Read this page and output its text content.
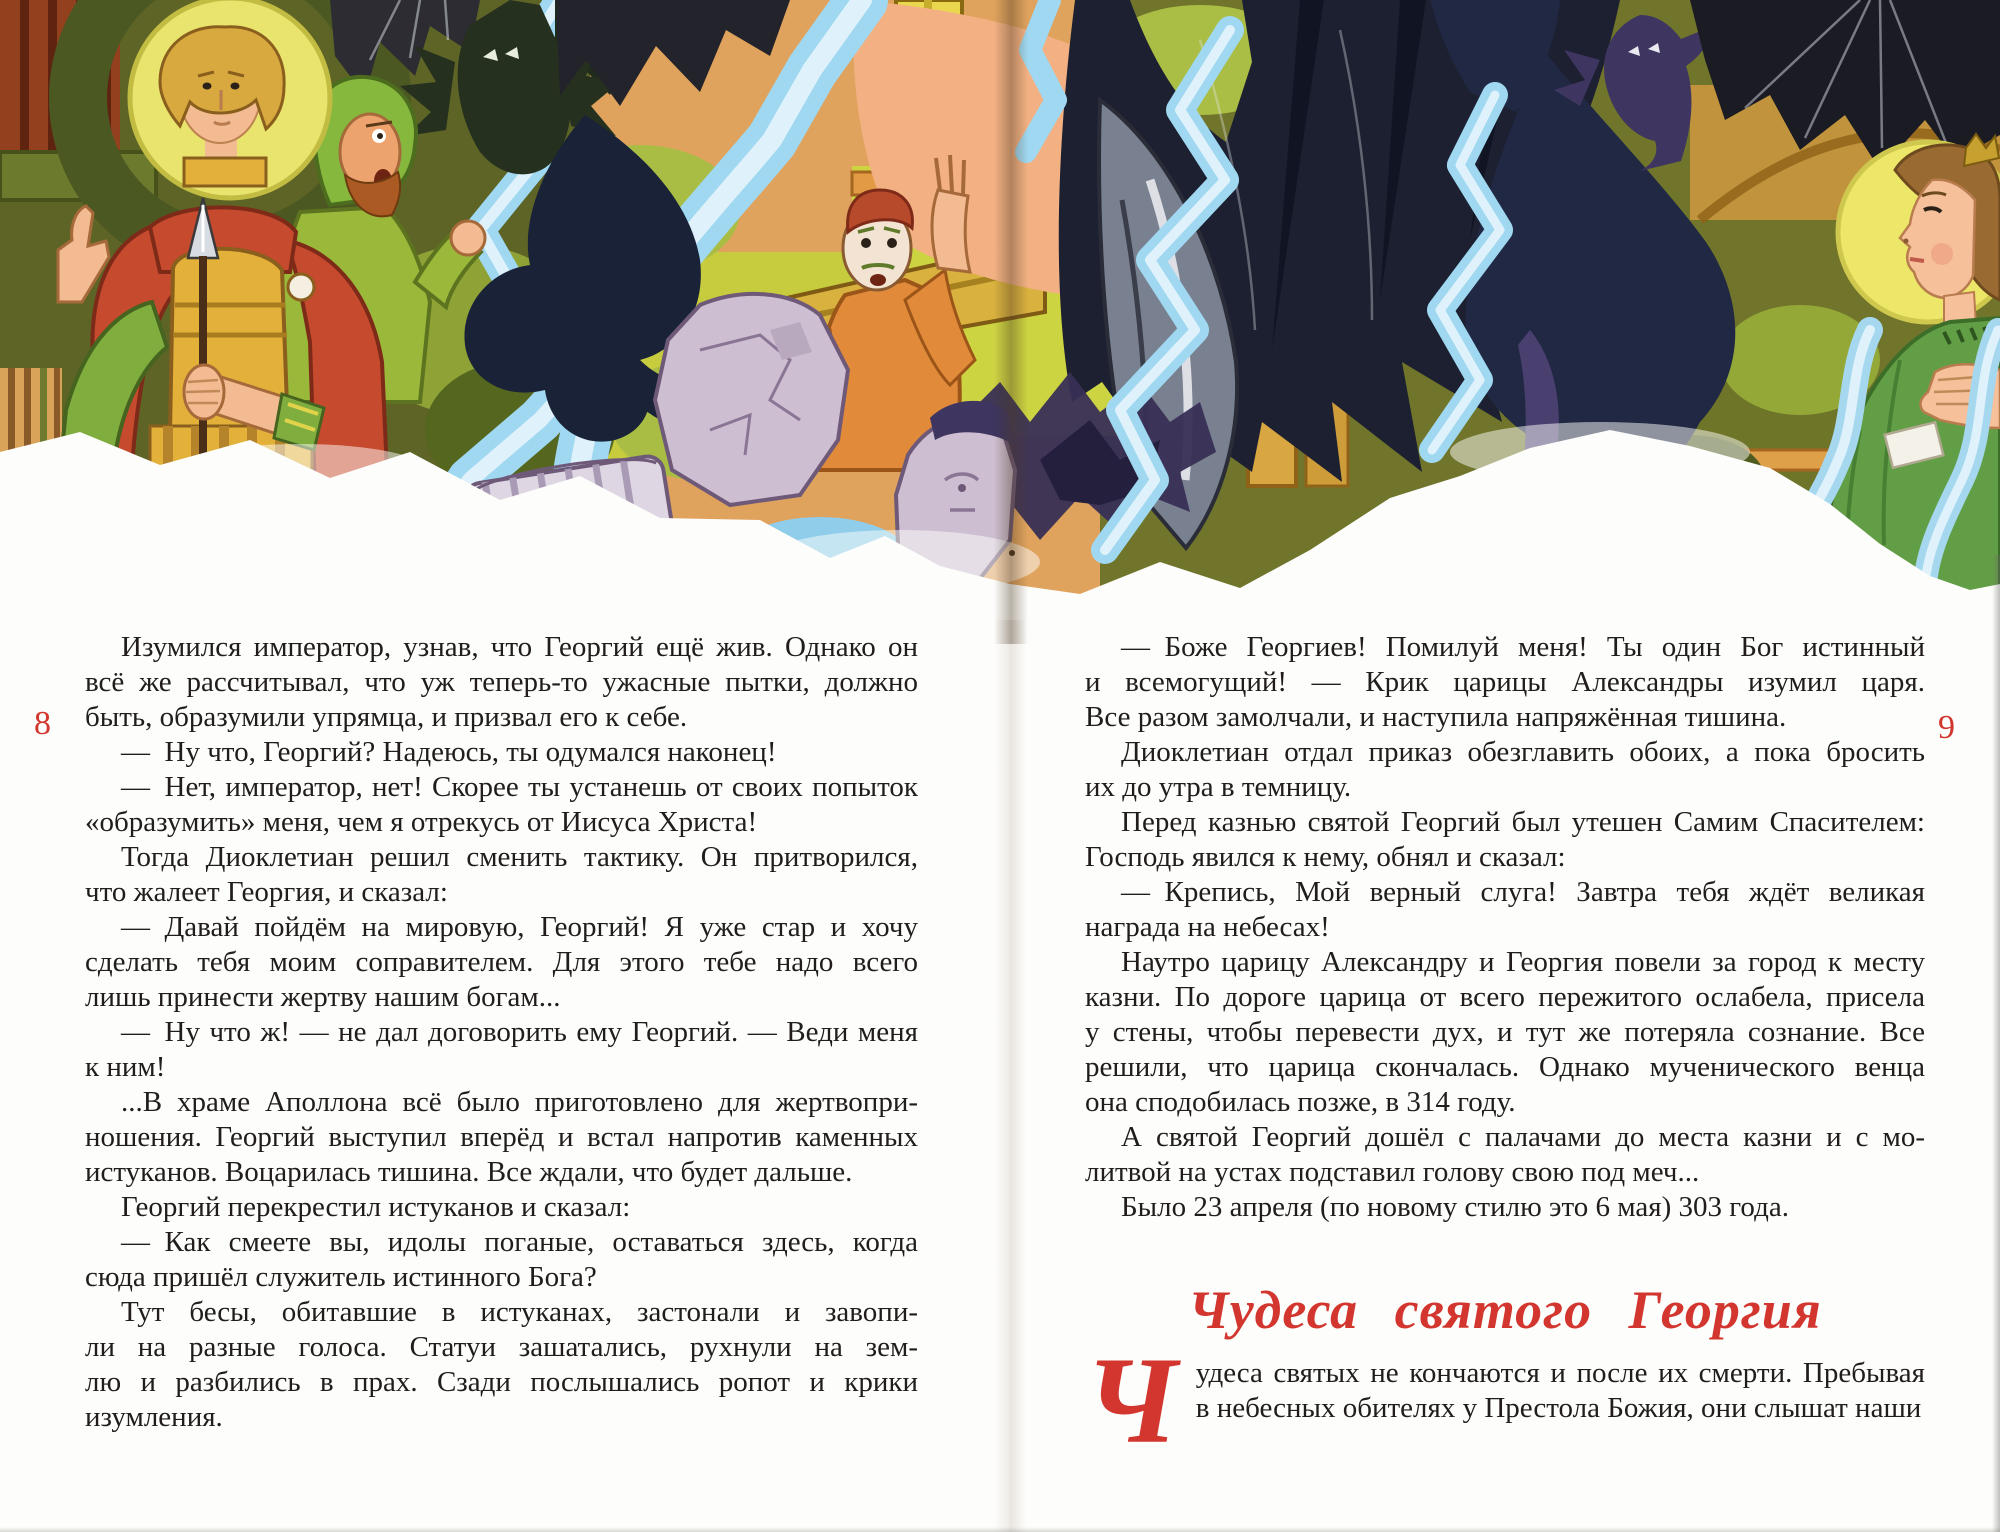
8
Изумился император, узнав, что Георгий ещё жив. Однако он
всё же рассчитывал, что уж теперь-то ужасные пытки, должно
быть, образумили упрямца, и призвал его к себе.
— Ну что, Георгий? Надеюсь, ты одумался наконец!
— Нет, император, нет! Скорее ты устанешь от своих попыток
«образумить» меня, чем я отрекусь от Иисуса Христа!
Тогда Диоклетиан решил сменить тактику. Он притворился,
что жалеет Георгия, и сказал:
— Давай пойдём на мировую, Георгий! Я уже стар и хочу
сделать тебя моим соправителем. Для этого тебе надо всего
лишь принести жертву нашим богам...
— Ну что ж! — не дал договорить ему Георгий. — Веди меня
к ним!
...В храме Аполлона всё было приготовлено для жертвопри-
ношения. Георгий выступил вперёд и встал напротив каменных
истуканов. Воцарилась тишина. Все ждали, что будет дальше.
Георгий перекрестил истуканов и сказал:
— Как смеете вы, идолы поганые, оставаться здесь, когда
сюда пришёл служитель истинного Бога?
Тут бесы, обитавшие в истуканах, застонали и завопи-
ли на разные голоса. Статуи зашатались, рухнули на зем-
лю и разбились в прах. Сзади послышались ропот и крики
изумления.
9
— Боже Георгиев! Помилуй меня! Ты один Бог истинный
и всемогущий! — Крик царицы Александры изумил царя.
Все разом замолчали, и наступила напряжённая тишина.
Диоклетиан отдал приказ обезглавить обоих, а пока бросить
их до утра в темницу.
Перед казнью святой Георгий был утешен Самим Спасителем:
Господь явился к нему, обнял и сказал:
— Крепись, Мой верный слуга! Завтра тебя ждёт великая
награда на небесах!
Наутро царицу Александру и Георгия повели за город к месту
казни. По дороге царица от всего пережитого ослабела, присела
у стены, чтобы перевести дух, и тут же потеряла сознание. Все
решили, что царица скончалась. Однако мученического венца
она сподобилась позже, в 314 году.
А святой Георгий дошёл с палачами до места казни и с мо-
литвой на устах подставил голову свою под меч...
Было 23 апреля (по новому стилю это 6 мая) 303 года.
Чудеса святого Георгия
Ч удеса святых не кончаются и после их смерти. Пребывая
в небесных обителях у Престола Божия, они слышат наши
